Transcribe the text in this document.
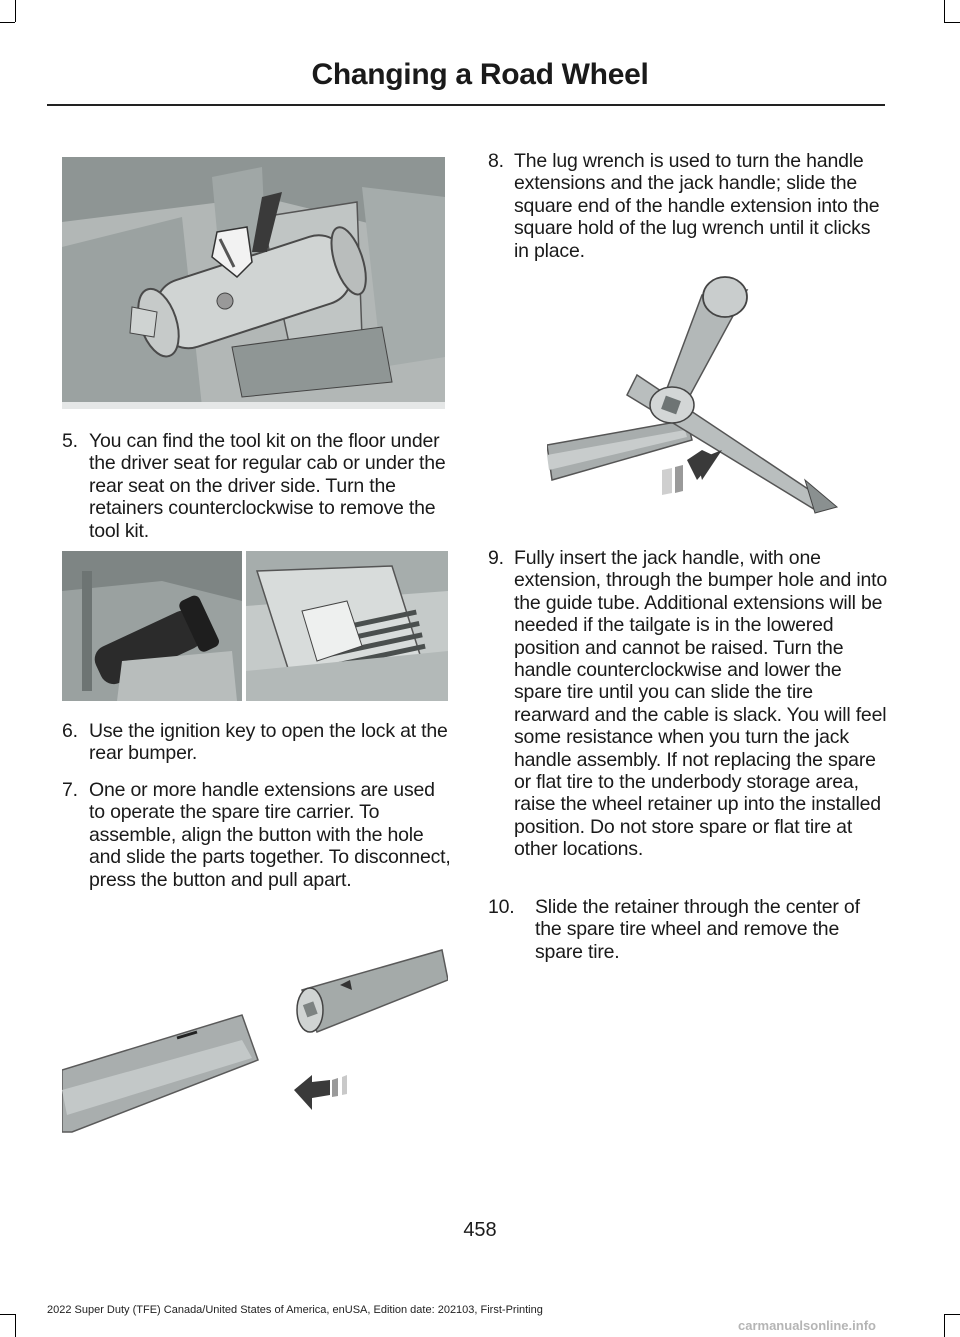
Changing a Road Wheel
5. You can find the tool kit on the floor under the driver seat for regular cab or under the rear seat on the driver side. Turn the retainers counterclockwise to remove the tool kit.
6. Use the ignition key to open the lock at the rear bumper.
7. One or more handle extensions are used to operate the spare tire carrier. To assemble, align the button with the hole and slide the parts together. To disconnect, press the button and pull apart.
8. The lug wrench is used to turn the handle extensions and the jack handle; slide the square end of the handle extension into the square hold of the lug wrench until it clicks in place.
9. Fully insert the jack handle, with one extension, through the bumper hole and into the guide tube. Additional extensions will be needed if the tailgate is in the lowered position and cannot be raised. Turn the handle counterclockwise and lower the spare tire until you can slide the tire rearward and the cable is slack. You will feel some resistance when you turn the jack handle assembly. If not replacing the spare or flat tire to the underbody storage area, raise the wheel retainer up into the installed position. Do not store spare or flat tire at other locations.
10.	Slide the retainer through the center of the spare tire wheel and remove the spare tire.
458
2022 Super Duty (TFE) Canada/United States of America, enUSA, Edition date: 202103, First-Printing
carmanualsonline.info
